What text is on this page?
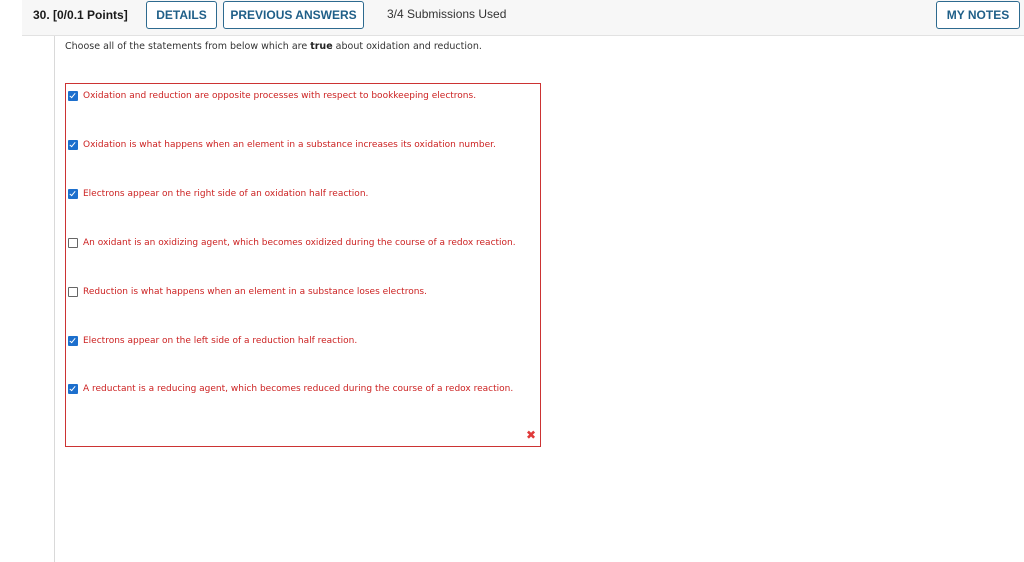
30. [0/0.1 Points]	DETAILS	PREVIOUS ANSWERS	3/4 Submissions Used	MY NOTES
Choose all of the statements from below which are true about oxidation and reduction.
Oxidation and reduction are opposite processes with respect to bookkeeping electrons.
Oxidation is what happens when an element in a substance increases its oxidation number.
Electrons appear on the right side of an oxidation half reaction.
An oxidant is an oxidizing agent, which becomes oxidized during the course of a redox reaction.
Reduction is what happens when an element in a substance loses electrons.
Electrons appear on the left side of a reduction half reaction.
A reductant is a reducing agent, which becomes reduced during the course of a redox reaction.
✖
